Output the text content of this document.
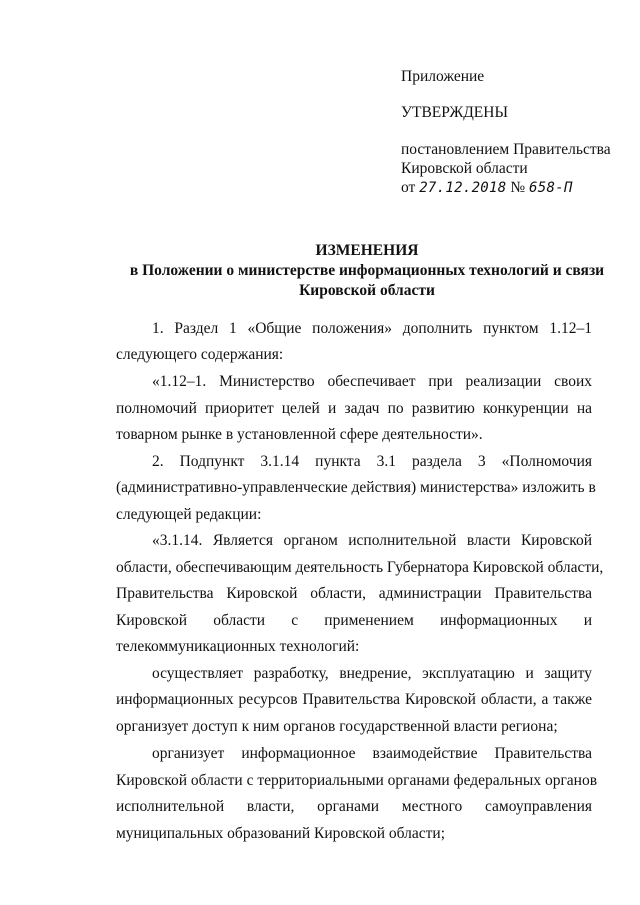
Приложение
УТВЕРЖДЕНЫ
постановлением Правительства
Кировской области
от 27.12.2018 № 658-П
ИЗМЕНЕНИЯ
в Положении о министерстве информационных технологий и связи
Кировской области
1. Раздел 1 «Общие положения» дополнить пунктом 1.12–1
следующего содержания:
«1.12–1. Министерство обеспечивает при реализации своих
полномочий приоритет целей и задач по развитию конкуренции на
товарном рынке в установленной сфере деятельности».
2. Подпункт 3.1.14 пункта 3.1 раздела 3 «Полномочия
(административно-управленческие действия) министерства» изложить в
следующей редакции:
«3.1.14. Является органом исполнительной власти Кировской
области, обеспечивающим деятельность Губернатора Кировской области,
Правительства Кировской области, администрации Правительства
Кировской области с применением информационных и
телекоммуникационных технологий:
осуществляет разработку, внедрение, эксплуатацию и защиту
информационных ресурсов Правительства Кировской области, а также
организует доступ к ним органов государственной власти региона;
организует информационное взаимодействие Правительства
Кировской области с территориальными органами федеральных органов
исполнительной власти, органами местного самоуправления
муниципальных образований Кировской области;
